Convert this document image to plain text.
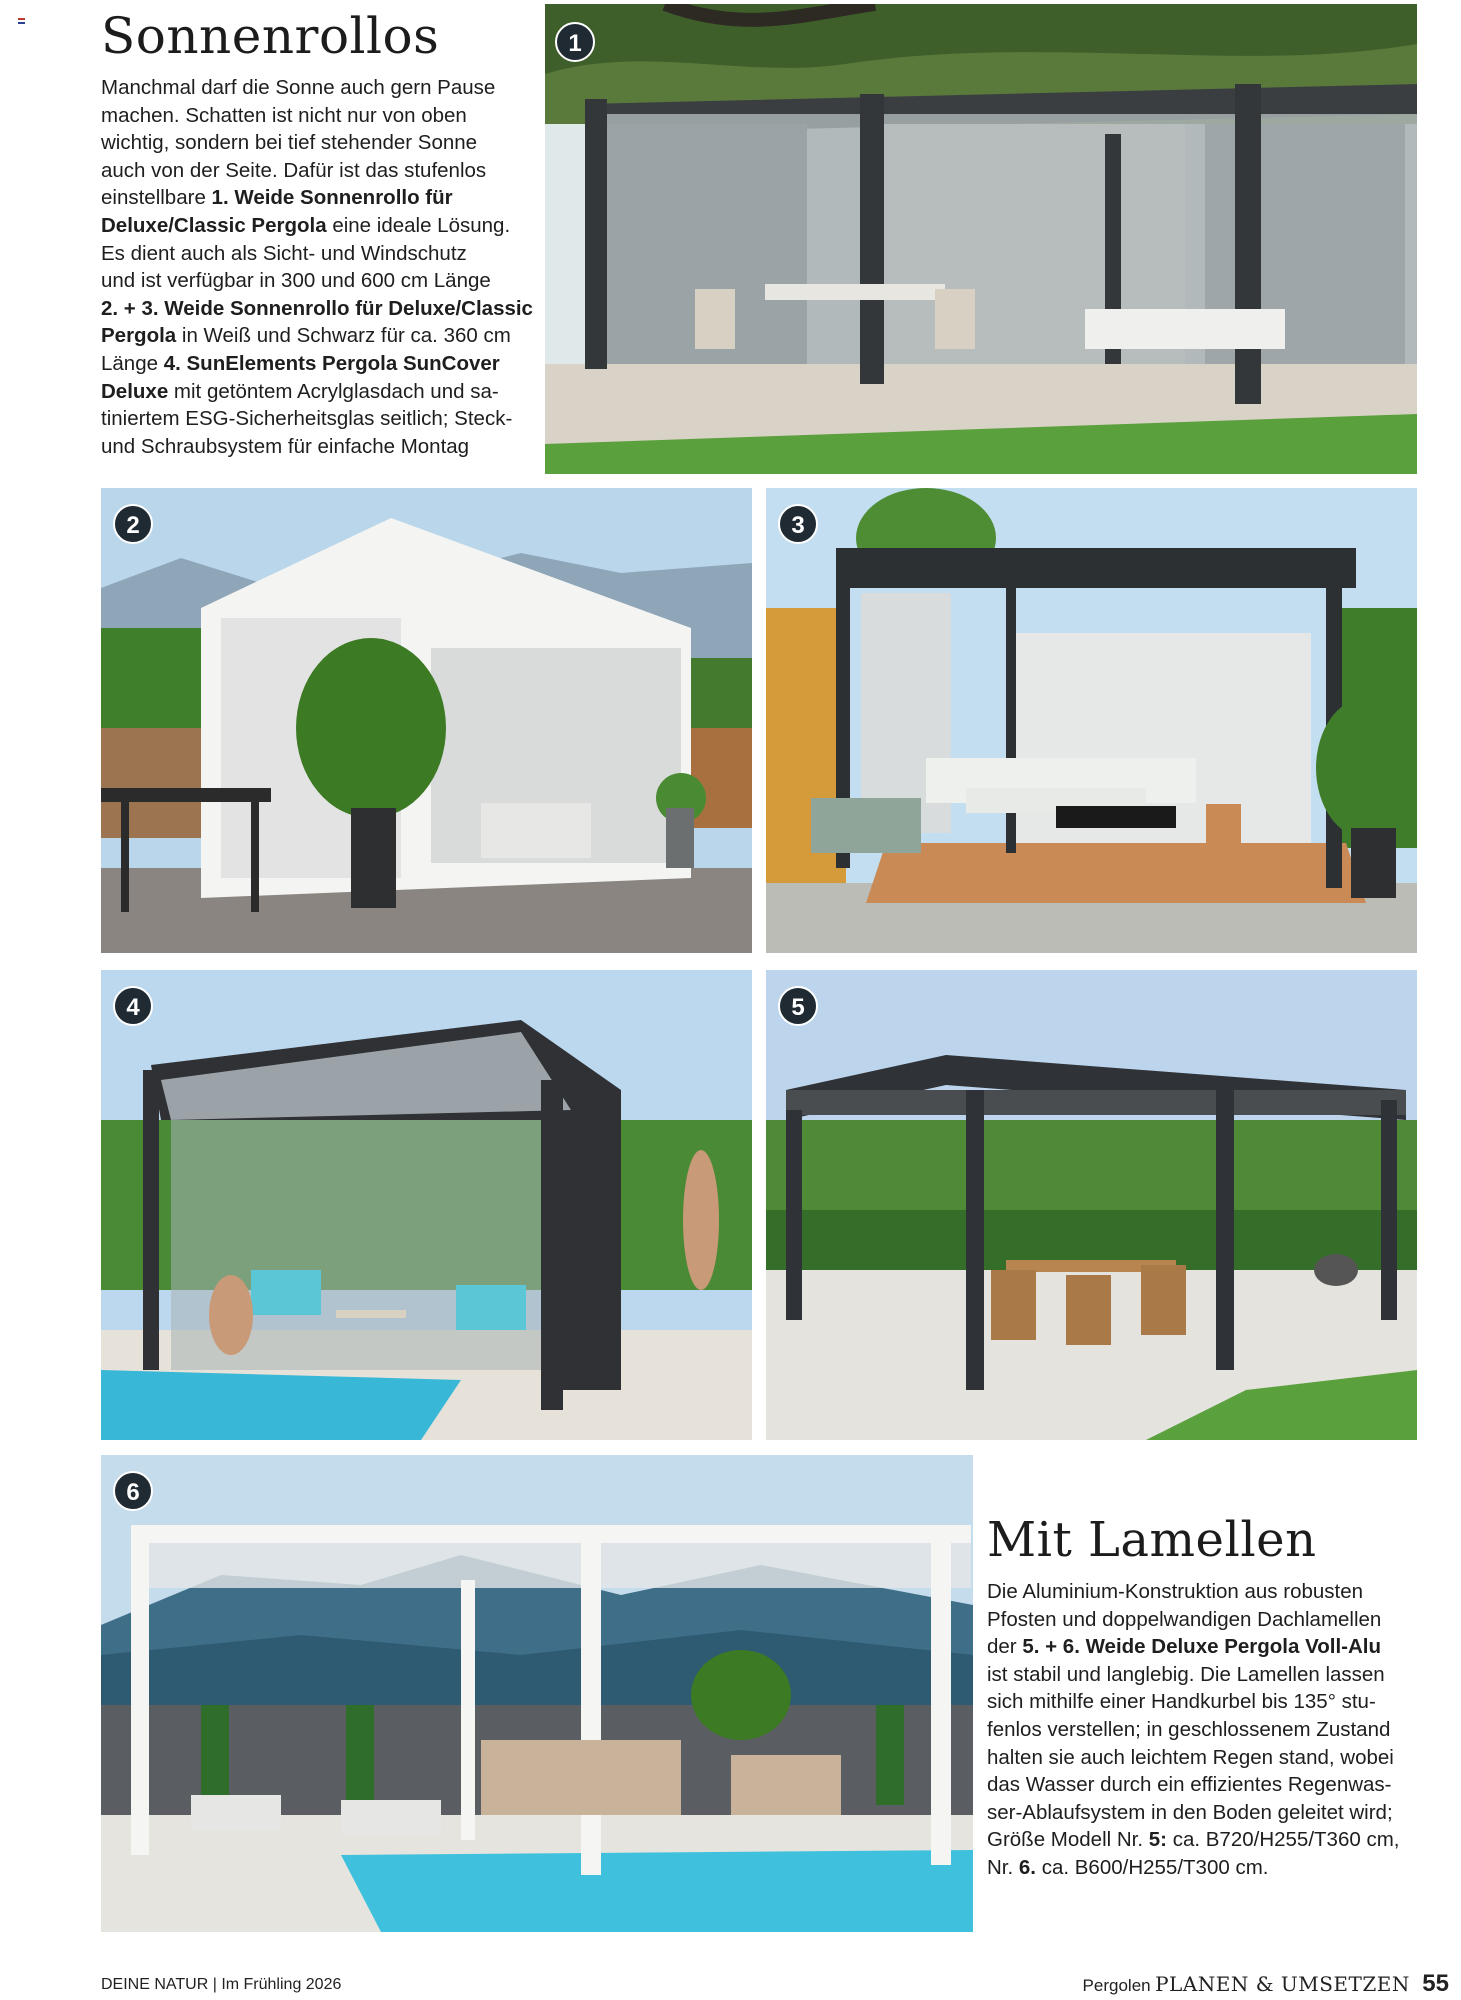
Sonnenrollos

Manchmal darf die Sonne auch gern Pause

machen. Schatten ist nicht nur von oben

wichtig, sondern bei tief stehender Sonne

auch von der Seite. Dafür ist das stufenlos

einstellbare 1. Weide Sonnenrollo für

Deluxe/Classic Pergola eine ideale Lösung.

Es dient auch als Sicht- und Windschutz

und ist verfügbar in 300 und 600 cm Länge

2. + 3. Weide Sonnenrollo für Deluxe/Classic

Pergola in Weiß und Schwarz für ca. 360 cm

Länge 4. SunElements Pergola SunCover

Deluxe mit getöntem Acrylglasdach und sa-

tiniertem ESG-Sicherheitsglas seitlich; Steck-

und Schraubsystem für einfache Montag

1
2	3
4	5
6
Mit Lamellen

Die Aluminium-Konstruktion aus robusten

Pfosten und doppelwandigen Dachlamellen

der 5. + 6. Weide Deluxe Pergola Voll-Alu

ist stabil und langlebig. Die Lamellen lassen

sich mithilfe einer Handkurbel bis 135° stu-

fenlos verstellen; in geschlossenem Zustand

halten sie auch leichtem Regen stand, wobei

das Wasser durch ein effizientes Regenwas-

ser-Ablaufsystem in den Boden geleitet wird;

Größe Modell Nr. 5: ca. B720/H255/T360 cm,

Nr. 6. ca. B600/H255/T300 cm.

DEINE NATUR | Im Frühling 2026	Pergolen PLANEN & UMSETZEN 55
